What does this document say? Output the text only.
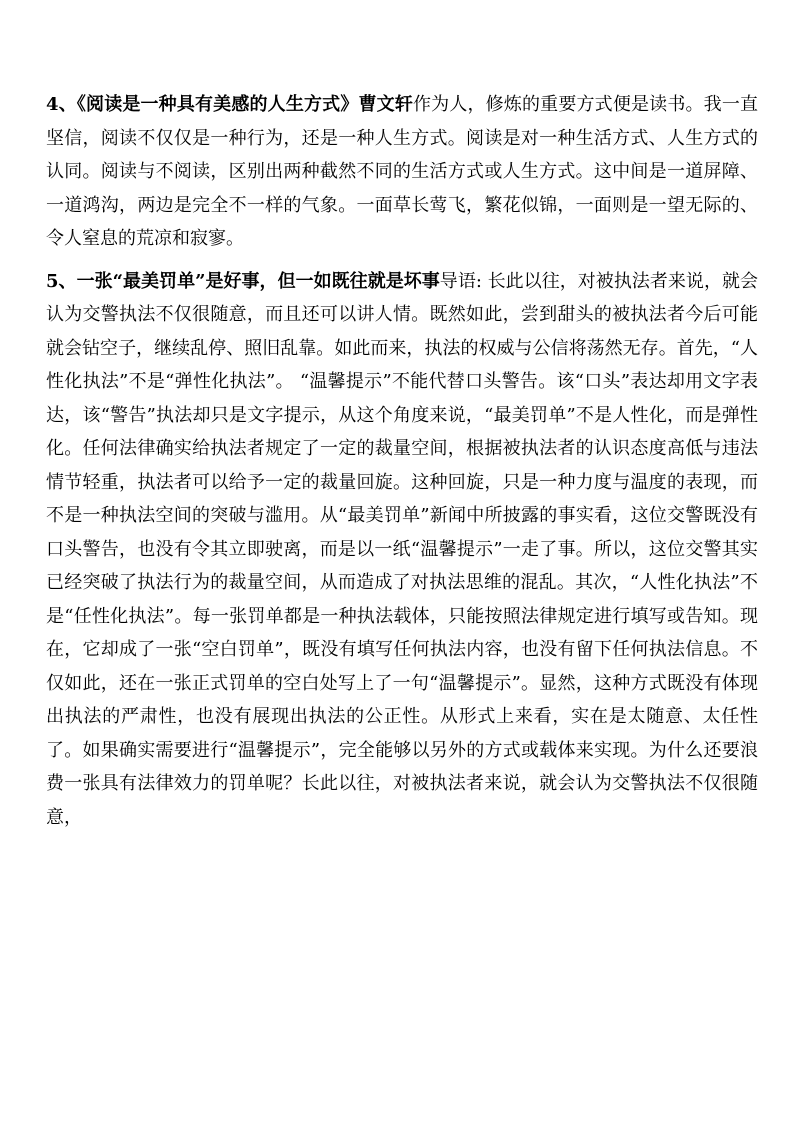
4、《阅读是一种具有美感的人生方式》曹文轩作为人，修炼的重要方式便是读书。我一直坚信，阅读不仅仅是一种行为，还是一种人生方式。阅读是对一种生活方式、人生方式的认同。阅读与不阅读，区别出两种截然不同的生活方式或人生方式。这中间是一道屏障、一道鸿沟，两边是完全不一样的气象。一面草长莺飞，繁花似锦，一面则是一望无际的、令人窒息的荒凉和寂寥。

5、一张“最美罚单”是好事，但一如既往就是坏事导语: 长此以往，对被执法者来说，就会认为交警执法不仅很随意，而且还可以讲人情。既然如此，尝到甜头的被执法者今后可能就会钻空子，继续乱停、照旧乱靠。如此而来，执法的权威与公信将荡然无存。首先，“人性化执法”不是“弹性化执法”。 “温馨提示”不能代替口头警告。该“口头”表达却用文字表达，该“警告”执法却只是文字提示，从这个角度来说，“最美罚单”不是人性化，而是弹性化。任何法律确实给执法者规定了一定的裁量空间，根据被执法者的认识态度高低与违法情节轻重，执法者可以给予一定的裁量回旋。这种回旋，只是一种力度与温度的表现，而不是一种执法空间的突破与滥用。从“最美罚单”新闻中所披露的事实看，这位交警既没有口头警告，也没有令其立即驶离，而是以一纸“温馨提示”一走了事。所以，这位交警其实已经突破了执法行为的裁量空间，从而造成了对执法思维的混乱。其次，“人性化执法”不是“任性化执法”。每一张罚单都是一种执法载体，只能按照法律规定进行填写或告知。现在，它却成了一张“空白罚单”，既没有填写任何执法内容，也没有留下任何执法信息。不仅如此，还在一张正式罚单的空白处写上了一句“温馨提示”。显然，这种方式既没有体现出执法的严肃性，也没有展现出执法的公正性。从形式上来看，实在是太随意、太任性了。如果确实需要进行“温馨提示”，完全能够以另外的方式或载体来实现。为什么还要浪费一张具有法律效力的罚单呢？长此以往，对被执法者来说，就会认为交警执法不仅很随意，
